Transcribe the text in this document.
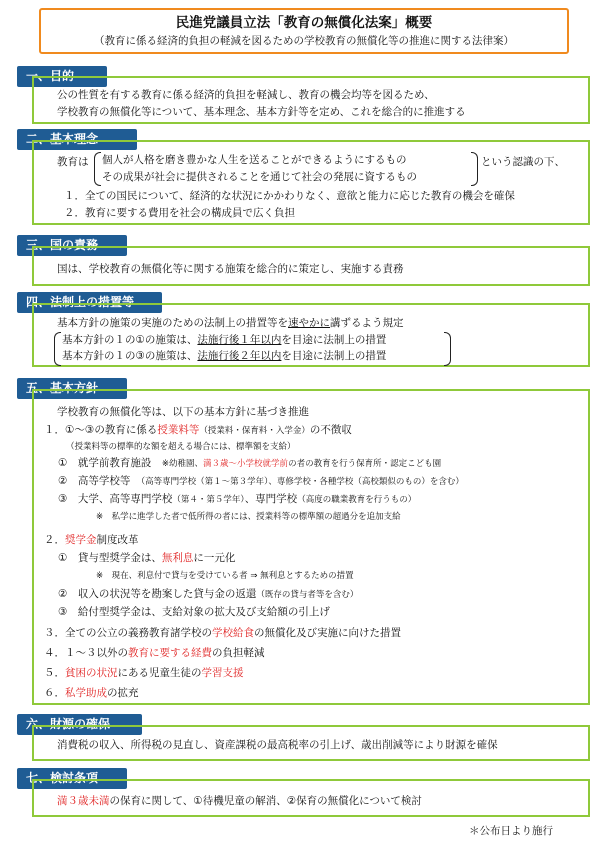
民進党議員立法「教育の無償化法案」概要
（教育に係る経済的負担の軽減を図るための学校教育の無償化等の推進に関する法律案）
一、目的
公の性質を有する教育に係る経済的負担を軽減し、教育の機会均等を図るため、
学校教育の無償化等について、基本理念、基本方針等を定め、これを総合的に推進する
二、基本理念
教育は 個人が人格を磨き豊かな人生を送ることができるようにするもの
その成果が社会に提供されることを通じて社会の発展に資するもの
という認識の下、
１．全ての国民について、経済的な状況にかかわりなく、意欲と能力に応じた教育の機会を確保
２．教育に要する費用を社会の構成員で広く負担
三、国の責務
国は、学校教育の無償化等に関する施策を総合的に策定し、実施する責務
四、法制上の措置等
基本方針の施策の実施のための法制上の措置等を速やかに講ずるよう規定
基本方針の１の①の施策は、法施行後１年以内を目途に法制上の措置
基本方針の１の③の施策は、法施行後２年以内を目途に法制上の措置
五、基本方針
学校教育の無償化等は、以下の基本方針に基づき推進
１．①～③の教育に係る授業料等（授業料・保育料・入学金）の不徴収
（授業料等の標準的な額を超える場合には、標準額を支給）
①　就学前教育施設　 ※幼稚園、満３歳～小学校就学前の者の教育を行う保育所・認定こども園
②　高等学校等　 （高等専門学校（第１～第３学年）、専修学校・各種学校（高校類似のもの）を含む）
③　大学、高等専門学校（第４・第５学年）、専門学校（高度の職業教育を行うもの）
※　私学に進学した者で低所得の者には、授業料等の標準額の超過分を追加支給
２．奨学金制度改革
①　貸与型奨学金は、無利息に一元化
※　現在、利息付で貸与を受けている者 ⇒ 無利息とするための措置
②　収入の状況等を勘案した貸与金の返還（既存の貸与者等を含む）
③　給付型奨学金は、支給対象の拡大及び支給額の引上げ
３．全ての公立の義務教育諸学校の学校給食の無償化及び実施に向けた措置
４．１～３以外の教育に要する経費の負担軽減
５．貧困の状況にある児童生徒の学習支援
６．私学助成の拡充
六、財源の確保
消費税の収入、所得税の見直し、資産課税の最高税率の引上げ、歳出削減等により財源を確保
七、検討条項
満３歳未満の保育に関して、①待機児童の解消、②保育の無償化について検討
＊公布日より施行
